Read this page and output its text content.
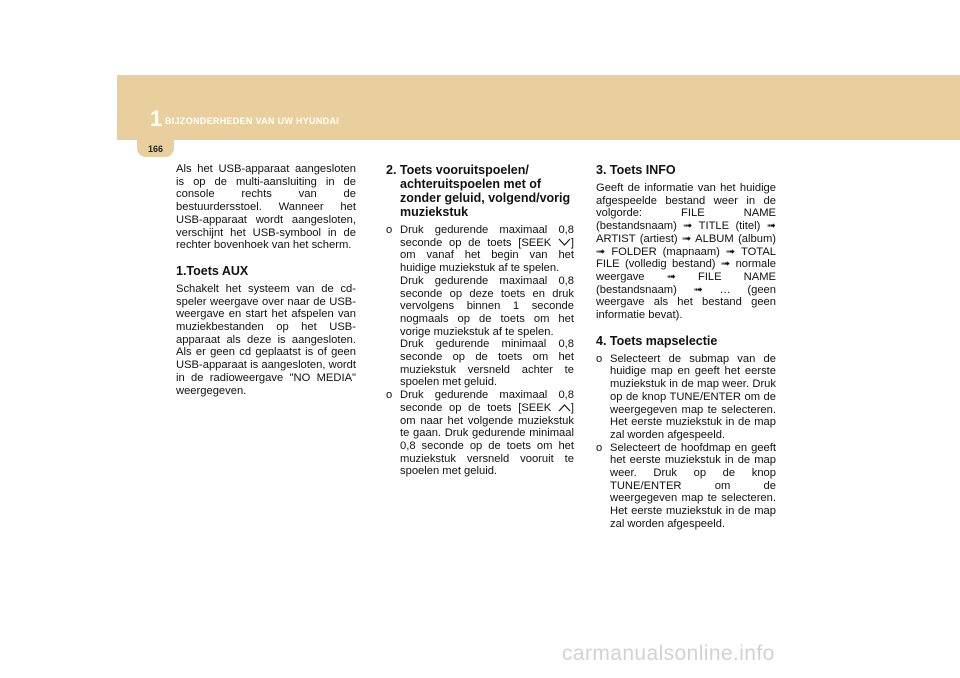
1 BIJZONDERHEDEN VAN UW HYUNDAI
166

Als het USB-apparaat aangesloten is op de multi-aansluiting in de console rechts van de bestuurdersstoel. Wanneer het USB-apparaat wordt aangesloten, verschijnt het USB-symbool in de rechter bovenhoek van het scherm.

1.Toets AUX

Schakelt het systeem van de cd-speler weergave over naar de USB-weergave en start het afspelen van muziekbestanden op het USB-apparaat als deze is aangesloten. Als er geen cd geplaatst is of geen USB-apparaat is aangesloten, wordt in de radioweergave "NO MEDIA" weergegeven.

2. Toets vooruitspoelen/ achteruitspoelen met of zonder geluid, volgend/vorig muziekstuk
o Druk gedurende maximaal 0,8 seconde op de toets [SEEK ] om vanaf het begin van het huidige muziekstuk af te spelen.
Druk gedurende maximaal 0,8 seconde op deze toets en druk vervolgens binnen 1 seconde nogmaals op de toets om het vorige muziekstuk af te spelen.
Druk gedurende minimaal 0,8 seconde op de toets om het muziekstuk versneld achter te spoelen met geluid.
o Druk gedurende maximaal 0,8 seconde op de toets [SEEK ] om naar het volgende muziekstuk te gaan. Druk gedurende minimaal 0,8 seconde op de toets om het muziekstuk versneld vooruit te spoelen met geluid.
3. Toets INFO

Geeft de informatie van het huidige afgespeelde bestand weer in de volgorde: FILE NAME (bestandsnaam) ➟ TITLE (titel) ➟ ARTIST (artiest) ➟ ALBUM (album) ➟ FOLDER (mapnaam) ➟ TOTAL FILE (volledig bestand) ➟ normale weergave ➟ FILE NAME (bestandsnaam) ➟ … (geen weergave als het bestand geen informatie bevat).

4. Toets mapselectie
o Selecteert de submap van de huidige map en geeft het eerste muziekstuk in de map weer. Druk op de knop TUNE/ENTER om de weergegeven map te selecteren. Het eerste muziekstuk in de map zal worden afgespeeld.
o Selecteert de hoofdmap en geeft het eerste muziekstuk in de map weer. Druk op de knop TUNE/ENTER om de weergegeven map te selecteren. Het eerste muziekstuk in de map zal worden afgespeeld.
carmanualsonline.info
